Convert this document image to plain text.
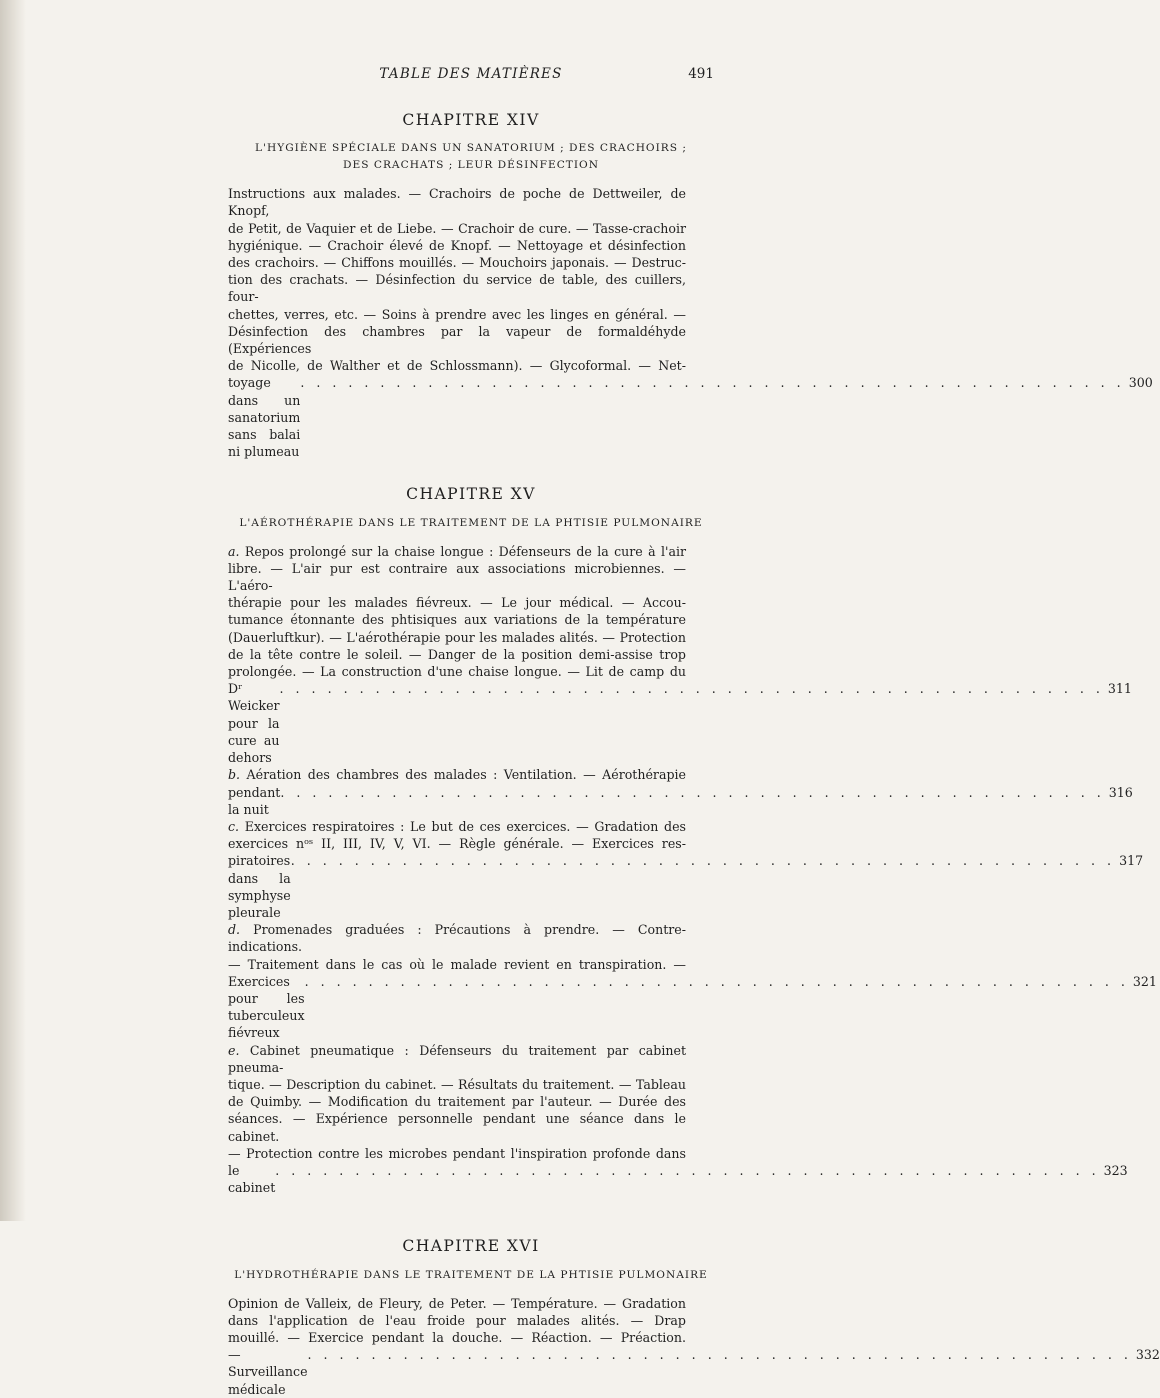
TABLE DES MATIÈRES	491
CHAPITRE XIV
L'HYGIÈNE SPÉCIALE DANS UN SANATORIUM ; DES CRACHOIRS ;
DES CRACHATS ; LEUR DÉSINFECTION
Instructions aux malades. — Crachoirs de poche de Dettweiler, de Knopf,
de Petit, de Vaquier et de Liebe. — Crachoir de cure. — Tasse-crachoir
hygiénique. — Crachoir élevé de Knopf. — Nettoyage et désinfection
des crachoirs. — Chiffons mouillés. — Mouchoirs japonais. — Destruc-
tion des crachats. — Désinfection du service de table, des cuillers, four-
chettes, verres, etc. — Soins à prendre avec les linges en général. —
Désinfection des chambres par la vapeur de formaldéhyde (Expériences
de Nicolle, de Walther et de Schlossmann). — Glycoformal. — Net-
toyage dans un sanatorium sans balai ni plumeau
. . . . . . . . . . . . . . . . . . . . . . . . . . . . . . . . . . . . . . . . . . . . . . . . . . . . 300
CHAPITRE XV
L'AÉROTHÉRAPIE DANS LE TRAITEMENT DE LA PHTISIE PULMONAIRE
a. Repos prolongé sur la chaise longue : Défenseurs de la cure à l'air
libre. — L'air pur est contraire aux associations microbiennes. — L'aéro-
thérapie pour les malades fiévreux. — Le jour médical. — Accou-
tumance étonnante des phtisiques aux variations de la température
(Dauerluftkur). — L'aérothérapie pour les malades alités. — Protection
de la tête contre le soleil. — Danger de la position demi-assise trop
prolongée. — La construction d'une chaise longue. — Lit de camp du
Dʳ Weicker pour la cure au dehors
. . . . . . . . . . . . . . . . . . . . . . . . . . . . . . . . . . . . . . . . . . . . . . . . . . . . 311
b. Aération des chambres des malades : Ventilation. — Aérothérapie
pendant la nuit
. . . . . . . . . . . . . . . . . . . . . . . . . . . . . . . . . . . . . . . . . . . . . . . . . . . . 316
c. Exercices respiratoires : Le but de ces exercices. — Gradation des
exercices nᵒˢ II, III, IV, V, VI. — Règle générale. — Exercices res-
piratoires dans la symphyse pleurale
. . . . . . . . . . . . . . . . . . . . . . . . . . . . . . . . . . . . . . . . . . . . . . . . . . . . 317
d. Promenades graduées : Précautions à prendre. — Contre-indications.
— Traitement dans le cas où le malade revient en transpiration. —
Exercices pour les tuberculeux fiévreux
. . . . . . . . . . . . . . . . . . . . . . . . . . . . . . . . . . . . . . . . . . . . . . . . . . . . 321
e. Cabinet pneumatique : Défenseurs du traitement par cabinet pneuma-
tique. — Description du cabinet. — Résultats du traitement. — Tableau
de Quimby. — Modification du traitement par l'auteur. — Durée des
séances. — Expérience personnelle pendant une séance dans le cabinet.
— Protection contre les microbes pendant l'inspiration profonde dans
le cabinet
. . . . . . . . . . . . . . . . . . . . . . . . . . . . . . . . . . . . . . . . . . . . . . . . . . . . 323
CHAPITRE XVI
L'HYDROTHÉRAPIE DANS LE TRAITEMENT DE LA PHTISIE PULMONAIRE
Opinion de Valleix, de Fleury, de Peter. — Température. — Gradation
dans l'application de l'eau froide pour malades alités. — Drap
mouillé. — Exercice pendant la douche. — Réaction. — Préaction.
— Surveillance médicale
. . . . . . . . . . . . . . . . . . . . . . . . . . . . . . . . . . . . . . . . . . . . . . . . . . . . 332
